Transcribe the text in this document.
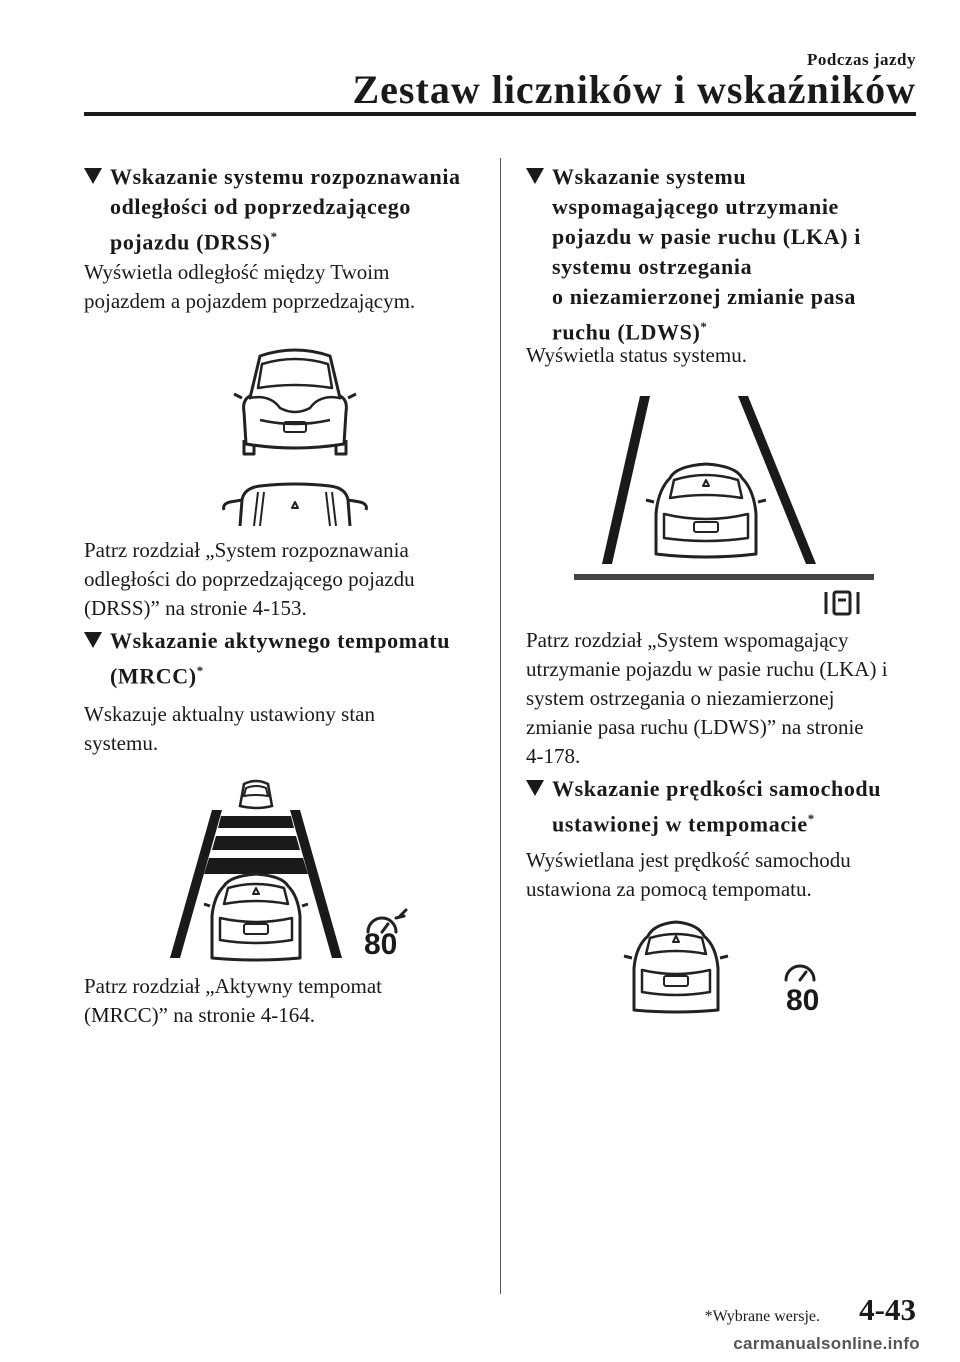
Podczas jazdy
Zestaw liczników i wskaźników
Wskazanie systemu rozpoznawania
odległości od poprzedzającego
pojazdu (DRSS)*
Wyświetla odległość między Twoim
pojazdem a pojazdem poprzedzającym.
Patrz rozdział „System rozpoznawania
odległości do poprzedzającego pojazdu
(DRSS)” na stronie 4-153.
Wskazanie aktywnego tempomatu
(MRCC)*
Wskazuje aktualny ustawiony stan
systemu.
80
Patrz rozdział „Aktywny tempomat
(MRCC)” na stronie 4-164.
Wskazanie systemu
wspomagającego utrzymanie
pojazdu w pasie ruchu (LKA) i
systemu ostrzegania
o niezamierzonej zmianie pasa
ruchu (LDWS)*
Wyświetla status systemu.
Patrz rozdział „System wspomagający
utrzymanie pojazdu w pasie ruchu (LKA) i
system ostrzegania o niezamierzonej
zmianie pasa ruchu (LDWS)” na stronie
4-178.
Wskazanie prędkości samochodu
ustawionej w tempomacie*
Wyświetlana jest prędkość samochodu
ustawiona za pomocą tempomatu.
80
*Wybrane wersje. 4-43
carmanualsonline.info
